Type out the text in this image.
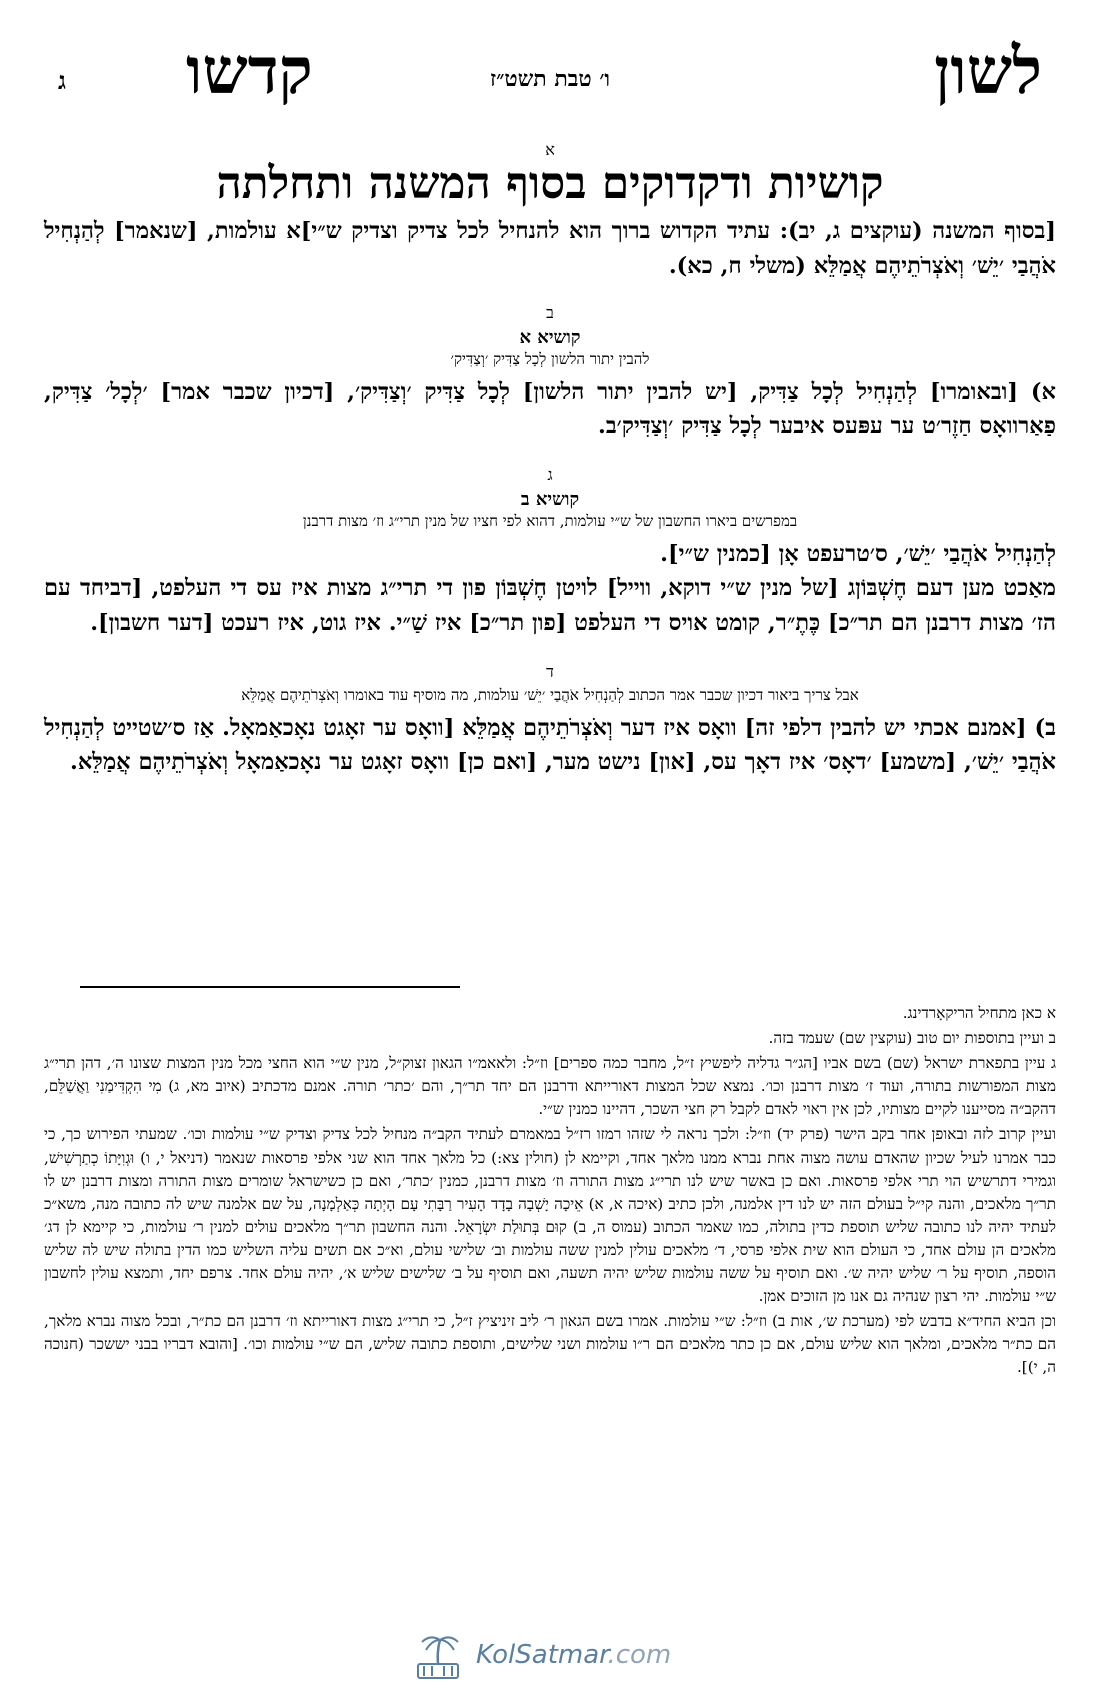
לשון
ו׳ טבת תשט״ז
קדשו
ג
א
קושיות ודקדוקים בסוף המשנה ותחלתה
[בסוף המשנה (עוקצים ג, יב): עתיד הקדוש ברוך הוא להנחיל לכל צדיק וצדיק ש״י]א עולמות, [שנאמר] לְהַנְחִיל אֹהֲבַי ׳יֵשׁ׳ וְאֹצְרֹתֵיהֶם אֲמַלֵּא (משלי ח, כא).
ב
קושיא א
להבין יתור הלשון לְכָל צַדִּיק ׳וְצַדִּיק׳
א) [ובאומרו] לְהַנְחִיל לְכָל צַדִּיק, [יש להבין יתור הלשון] לְכָל צַדִּיק ׳וְצַדִּיק׳, [דכיון שכבר אמר] ׳לְכָל׳ צַדִּיק, פַאַרוואָס חַזֶר׳ט ער עפּעס איבער לְכָל צַדִּיק ׳וְצַדִּיק׳ב.
ג
קושיא ב
במפרשים ביארו החשבון של ש״י עולמות, דהוא לפי חציו של מנין תרי״ג וז׳ מצות דרבנן
לְהַנְחִיל אֹהֲבַי ׳יֵשׁ׳, ס׳טרעפט אָן [כמנין ש״י].
מאַכט מען דעם חֶשְׁבּוֹןג [של מנין ש״י דוקא, ווייל] לויטן חֶשְׁבּוֹן פון די תרי״ג מצות איז עס די העלפט, [דביחד עם הז׳ מצות דרבנן הם תר״כ] כֶּתֶ״ר, קומט אויס די העלפט [פון תר״כ] איז שַׁ״י. איז גוט, איז רעכט [דער חשבון].
ד
אבל צריך ביאור דכיון שכבר אמר הכתוב לְהַנְחִיל אֹהֲבַי ׳יֵשׁ׳ עולמות, מה מוסיף עוד באומרו וְאֹצְרֹתֵיהֶם אֲמַלֵּא
ב) [אמנם אכתי יש להבין דלפי זה] וואָס איז דער וְאֹצְרֹתֵיהֶם אֲמַלֵּא [וואָס ער זאָגט נאָכאַמאָל. אַז ס׳שטייט לְהַנְחִיל אֹהֲבַי ׳יֵשׁ׳, [משמע] ׳דאָס׳ איז דאָך עס, [און] נישט מער, [ואם כן] וואָס זאָגט ער נאָכאַמאָל וְאֹצְרֹתֵיהֶם אֲמַלֵּא.

א כאן מתחיל הריקאָרדינג.

ב ועיין בתוספות יום טוב (עוקצין שם) שעמד בזה.

ג עיין בתפארת ישראל (שם) בשם אביו [הג״ר גדליה ליפשיץ ז״ל, מחבר כמה ספרים] וז״ל: ולאאמ״ו הגאון זצוק״ל, מנין ש״י הוא החצי מכל מנין המצות שצונו ה׳, דהן תרי״ג מצות המפורשות בתורה, ועוד ז׳ מצות דרבנן וכו׳. נמצא שכל המצות דאורייתא ודרבנן הם יחד תר״ך, והם ׳כתר׳ תורה. אמנם מדכתיב (איוב מא, ג) מִי הִקְדִּימַנִי וַאֲשַׁלֵּם, דהקב״ה מסייענו לקיים מצותיו, לכן אין ראוי לאדם לקבל רק חצי השכר, דהיינו כמנין ש״י.

ועיין קרוב לזה ובאופן אחר בקב הישר (פרק יד) וז״ל: ולכך נראה לי שזהו רמזו רז״ל במאמרם לעתיד הקב״ה מנחיל לכל צדיק וצדיק ש״י עולמות וכו׳. שמעתי הפירוש כך, כי כבר אמרנו לעיל שכיון שהאדם עושה מצוה אחת נברא ממנו מלאך אחד, וקיימא לן (חולין צא:) כל מלאך אחד הוא שני אלפי פרסאות שנאמר (דניאל י, ו) וּגְוִיָּתוֹ כְתַרְשִׁישׁ, וגמירי דתרשיש הוי תרי אלפי פרסאות. ואם כן באשר שיש לנו תרי״ג מצות התורה וז׳ מצות דרבנן, כמנין ׳כתר׳, ואם כן כשישראל שומרים מצות התורה ומצות דרבנן יש לו תר״ך מלאכים, והנה קי״ל בעולם הזה יש לנו דין אלמנה, ולכן כתיב (איכה א, א) אֵיכָה יָשְׁבָה בָדָד הָעִיר רַבָּתִי עָם הָיְתָה כְּאַלְמָנָה, על שם אלמנה שיש לה כתובה מנה, משא״כ לעתיד יהיה לנו כתובה שליש תוספת כדין בתולה, כמו שאמר הכתוב (עמוס ה, ב) קוּם בְּתוּלַת יִשְׂרָאֵל. והנה החשבון תר״ך מלאכים עולים למנין ר׳ עולמות, כי קיימא לן דג׳ מלאכים הן עולם אחד, כי העולם הוא שית אלפי פרסי, ד׳ מלאכים עולין למנין ששה עולמות וב׳ שלישי עולם, וא״כ אם תשים עליה השליש כמו הדין בתולה שיש לה שליש הוספה, תוסיף על ר׳ שליש יהיה ש׳. ואם תוסיף על ששה עולמות שליש יהיה תשעה, ואם תוסיף על ב׳ שלישים שליש א׳, יהיה עולם אחד. צרפם יחד, ותמצא עולין לחשבון ש״י עולמות. יהי רצון שנהיה גם אנו מן הזוכים אמן.

וכן הביא החיד״א בדבש לפי (מערכת ש׳, אות ב) וז״ל: ש״י עולמות. אמרו בשם הגאון ר׳ ליב זיניציץ ז״ל, כי תרי״ג מצות דאורייתא וז׳ דרבנן הם כת״ר, ובכל מצוה נברא מלאך, הם כת״ר מלאכים, ומלאך הוא שליש עולם, אם כן כתר מלאכים הם ר״ו עולמות ושני שלישים, ותוספת כתובה שליש, הם ש״י עולמות וכו׳. [והובא דבריו בבני יששכר (חנוכה ה, י)].

KolSatmar.com
